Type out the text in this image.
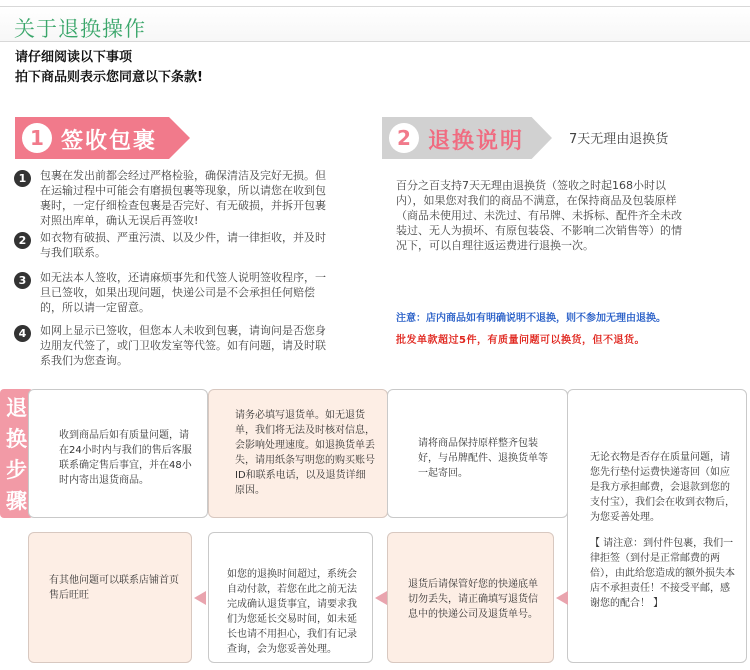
关于退换操作
请仔细阅读以下事项
拍下商品则表示您同意以下条款!
1 签收包裹	2 退换说明	7天无理由退换货
1	包裹在发出前都会经过严格检验，确保清洁及完好无损。但在运输过程中可能会有磨损包裹等现象，所以请您在收到包裹时，一定仔细检查包裹是否完好、有无破损，并拆开包裹对照出库单，确认无误后再签收!
2	如衣物有破损、严重污渍、以及少件，请一律拒收，并及时与我们联系。
3	如无法本人签收，还请麻烦事先和代签人说明签收程序，一旦已签收，如果出现问题，快递公司是不会承担任何赔偿的，所以请一定留意。
4	如网上显示已签收，但您本人未收到包裹，请询问是否您身边朋友代签了，或门卫收发室等代签。如有问题，请及时联系我们为您查询。
百分之百支持7天无理由退换货（签收之时起168小时以内），如果您对我们的商品不满意，在保持商品及包装原样（商品未使用过、未洗过、有吊牌、未拆标、配件齐全未改装过、无人为损坏、有原包装袋、不影响二次销售等）的情况下，可以自理往返运费进行退换一次。
注意：店内商品如有明确说明不退换，则不参加无理由退换。
批发单款超过5件，有质量问题可以换货，但不退货。
退换步骤
收到商品后如有质量问题，请在24小时内与我们的售后客服联系确定售后事宜，并在48小时内寄出退货商品。
请务必填写退货单。如无退货单，我们将无法及时核对信息，会影响处理速度。如退换货单丢失，请用纸条写明您的购买账号ID和联系电话，以及退货详细原因。
请将商品保持原样整齐包装好，与吊牌配件、退换货单等一起寄回。
无论衣物是否存在质量问题，请您先行垫付运费快递寄回（如应是我方承担邮费，会退款到您的支付宝），我们会在收到衣物后，为您妥善处理。
【 请注意：到付件包裹，我们一律拒签（到付是正常邮费的两倍），由此给您造成的额外损失本店不承担责任！不接受平邮，感谢您的配合！ 】
退货后请保管好您的快递底单切勿丢失，请正确填写退货信息中的快递公司及退货单号。
如您的退换时间超过，系统会自动付款，若您在此之前无法完成确认退货事宜，请要求我们为您延长交易时间，如未延长也请不用担心，我们有记录查询，会为您妥善处理。
有其他问题可以联系店铺首页售后旺旺
